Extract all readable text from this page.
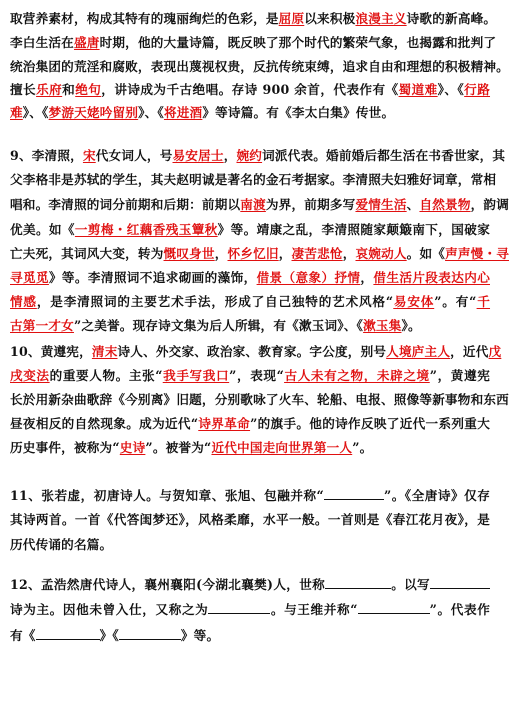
取营养素材，构成其特有的瑰丽绚烂的色彩，是屈原以来积极浪漫主义诗歌的新高峰。
李白生活在盛唐时期，他的大量诗篇，既反映了那个时代的繁荣气象，也揭露和批判了
统治集团的荒淫和腐败，表现出蔑视权贵，反抗传统束缚，追求自由和理想的积极精神。
擅长乐府和绝句，讲诗成为千古绝唱。存诗 900 余首，代表作有《蜀道难》、《行路
难》、《梦游天姥吟留别》、《将进酒》等诗篇。有《李太白集》传世。
9、李清照，宋代女词人，号易安居士，婉约词派代表。婚前婚后都生活在书香世家，其
父李格非是苏轼的学生，其夫赵明诚是著名的金石考据家。李清照夫妇雅好词章，常相
唱和。李清照的词分前期和后期：前期以南渡为界，前期多写爱情生活、自然景物，韵调
优美。如《一剪梅・红藕香残玉簟秋》等。靖康之乱，李清照随家颠簸南下，国破家
亡夫死，其词风大变，转为慨叹身世，怀乡忆旧，凄苦悲怆，哀婉动人。如《声声慢・寻
寻觅觅》等。李清照词不追求砌画的藻饰，借景（意象）抒情，借生活片段表达内心
情感，是李清照词的主要艺术手法，形成了自己独特的艺术风格“易安体”。有“千
古第一才女”之美誉。现存诗文集为后人所辑，有《漱玉词》、《漱玉集》。
10、黄遵宪，清末诗人、外交家、政治家、教育家。字公度，别号人境庐主人，近代戊
戌变法的重要人物。主张“我手写我口”，表现“古人未有之物，未辟之境”，黄遵宪
长於用新杂曲歌辞《今别离》旧题，分别歌咏了火车、轮船、电报、照像等新事物和东西
昼夜相反的自然现象。成为近代“诗界革命”的旗手。他的诗作反映了近代一系列重大
历史事件，被称为“史诗”。被誉为“近代中国走向世界第一人”。
11、张若虚，初唐诗人。与贺知章、张旭、包融并称“	”。《全唐诗》仅存
其诗两首。一首《代答闺梦还》，风格柔靡，水平一般。一首则是《春江花月夜》，是
历代传诵的名篇。
12、孟浩然唐代诗人，襄州襄阳(今湖北襄樊)人，世称	。以写
诗为主。因他未曾入仕，又称之为	。与王维并称“	”。代表作
有《	》《	》等。
